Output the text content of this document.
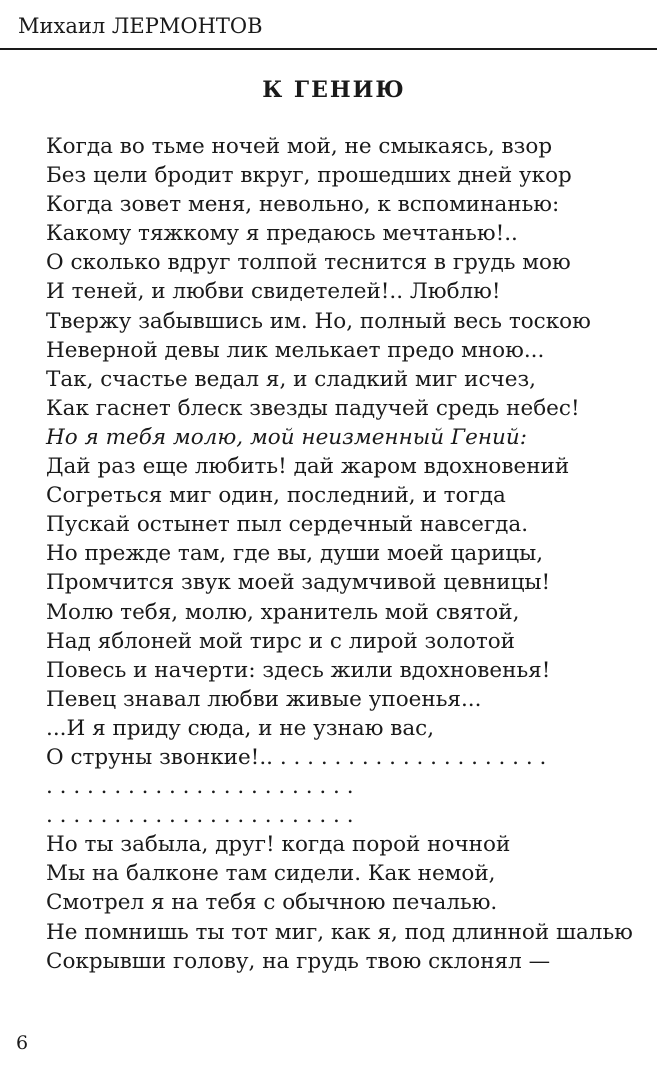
Михаил ЛЕРМОНТОВ
К ГЕНИЮ
Когда во тьме ночей мой, не смыкаясь, взор
Без цели бродит вкруг, прошедших дней укор
Когда зовет меня, невольно, к вспоминанью:
Какому тяжкому я предаюсь мечтанью!..
О сколько вдруг толпой теснится в грудь мою
И теней, и любви свидетелей!.. Люблю!
Твержу забывшись им. Но, полный весь тоскою
Неверной девы лик мелькает предо мною...
Так, счастье ведал я, и сладкий миг исчез,
Как гаснет блеск звезды падучей средь небес!
Но я тебя молю, мой неизменный Гений:
Дай раз еще любить! дай жаром вдохновений
Согреться миг один, последний, и тогда
Пускай остынет пыл сердечный навсегда.
Но прежде там, где вы, души моей царицы,
Промчится звук моей задумчивой цевницы!
Молю тебя, молю, хранитель мой святой,
Над яблоней мой тирс и с лирой золотой
Повесь и начерти: здесь жили вдохновенья!
Певец знавал любви живые упоенья...
...И я приду сюда, и не узнаю вас,
О струны звонкие!.. . . . . . . . . . . . . . . . . . . . .
. . . . . . . . . . . . . . . . . . . . . . .
. . . . . . . . . . . . . . . . . . . . . . .
Но ты забыла, друг! когда порой ночной
Мы на балконе там сидели. Как немой,
Смотрел я на тебя с обычною печалью.
Не помнишь ты тот миг, как я, под длинной шалью
Сокрывши голову, на грудь твою склонял —
6
